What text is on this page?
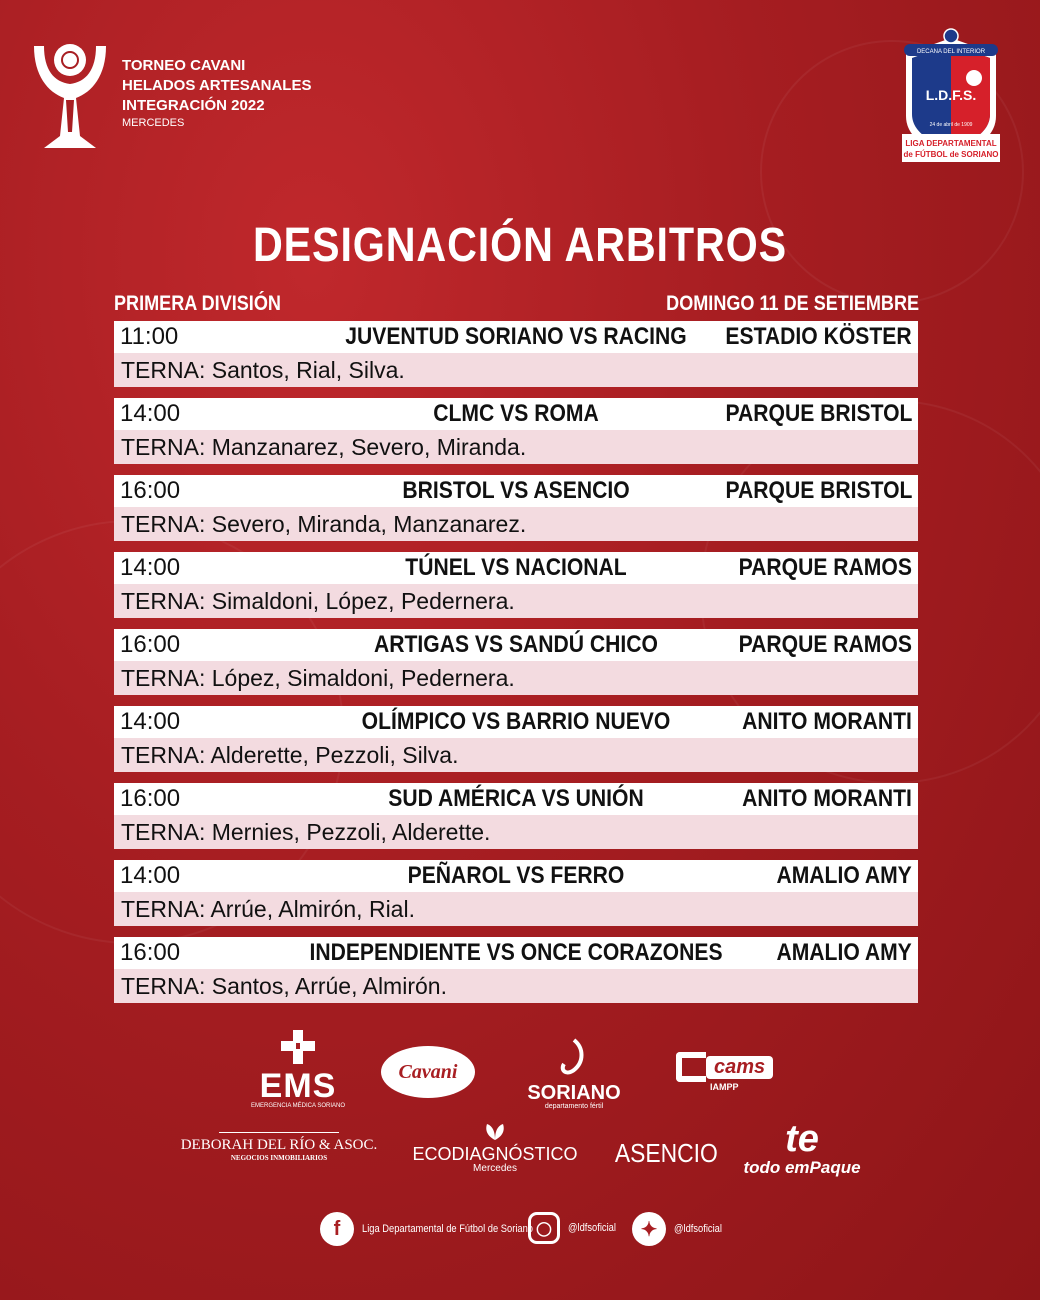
TORNEO CAVANI
HELADOS ARTESANALES
INTEGRACIÓN 2022
MERCEDES
DECANA DEL INTERIOR
L.D.F.S.
24 de abril de 1909
LIGA DEPARTAMENTAL
de FÚTBOL de SORIANO
DESIGNACIÓN ARBITROS
PRIMERA DIVISIÓN	DOMINGO 11 DE SETIEMBRE
11:00	JUVENTUD SORIANO VS RACING	ESTADIO KÖSTER
TERNA: Santos, Rial, Silva.
14:00	CLMC VS ROMA	PARQUE BRISTOL
TERNA: Manzanarez, Severo, Miranda.
16:00	BRISTOL VS ASENCIO	PARQUE BRISTOL
TERNA: Severo, Miranda, Manzanarez.
14:00	TÚNEL VS NACIONAL	PARQUE RAMOS
TERNA: Simaldoni, López, Pedernera.
16:00	ARTIGAS VS SANDÚ CHICO	PARQUE RAMOS
TERNA: López, Simaldoni, Pedernera.
14:00	OLÍMPICO VS BARRIO NUEVO	ANITO MORANTI
TERNA: Alderette, Pezzoli, Silva.
16:00	SUD AMÉRICA VS UNIÓN	ANITO MORANTI
TERNA: Mernies, Pezzoli, Alderette.
14:00	PEÑAROL VS FERRO	AMALIO AMY
TERNA: Arrúe, Almirón, Rial.
16:00	INDEPENDIENTE VS ONCE CORAZONES	AMALIO AMY
TERNA: Santos, Arrúe, Almirón.
EMS
EMERGENCIA MÉDICA SORIANO
Cavani
SORIANO
departamento fértil
cams
IAMPP
DEBORAH DEL RÍO & ASOC.
NEGOCIOS INMOBILIARIOS	ECODIAGNÓSTICO
Mercedes
ASENCIO	te
todo emPaque
f	Liga Departamental de Fútbol de Soriano ◯	@ldfsoficial	✦	@ldfsoficial
